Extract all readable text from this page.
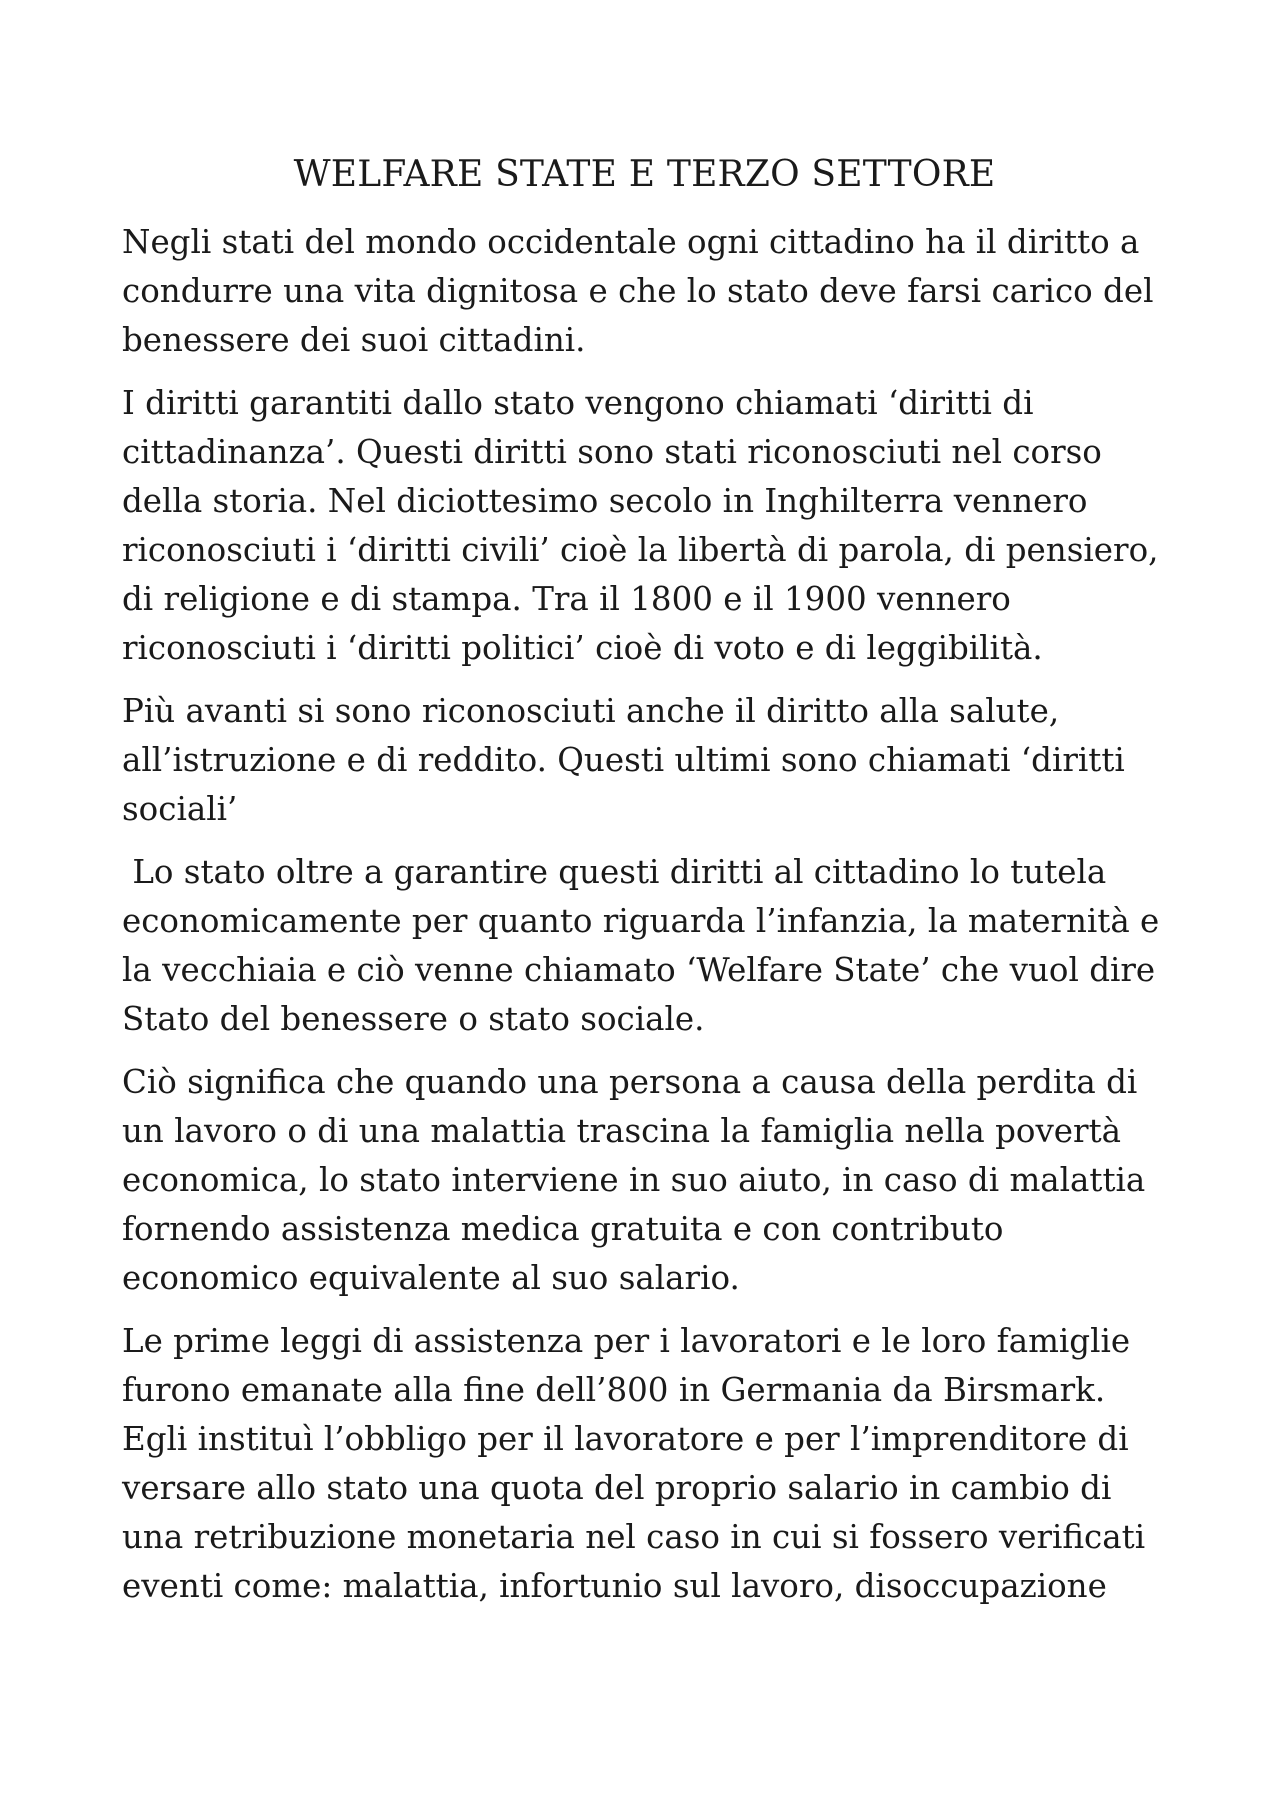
WELFARE STATE E TERZO SETTORE

Negli stati del mondo occidentale ogni cittadino ha il diritto a
condurre una vita dignitosa e che lo stato deve farsi carico del
benessere dei suoi cittadini.

I diritti garantiti dallo stato vengono chiamati ‘diritti di
cittadinanza’. Questi diritti sono stati riconosciuti nel corso
della storia. Nel diciottesimo secolo in Inghilterra vennero
riconosciuti i ‘diritti civili’ cioè la libertà di parola, di pensiero,
di religione e di stampa. Tra il 1800 e il 1900 vennero
riconosciuti i ‘diritti politici’ cioè di voto e di leggibilità.

Più avanti si sono riconosciuti anche il diritto alla salute,
all’istruzione e di reddito. Questi ultimi sono chiamati ‘diritti
sociali’

Lo stato oltre a garantire questi diritti al cittadino lo tutela
economicamente per quanto riguarda l’infanzia, la maternità e
la vecchiaia e ciò venne chiamato ‘Welfare State’ che vuol dire
Stato del benessere o stato sociale.

Ciò significa che quando una persona a causa della perdita di
un lavoro o di una malattia trascina la famiglia nella povertà
economica, lo stato interviene in suo aiuto, in caso di malattia
fornendo assistenza medica gratuita e con contributo
economico equivalente al suo salario.

Le prime leggi di assistenza per i lavoratori e le loro famiglie
furono emanate alla fine dell’800 in Germania da Birsmark.
Egli instituì l’obbligo per il lavoratore e per l’imprenditore di
versare allo stato una quota del proprio salario in cambio di
una retribuzione monetaria nel caso in cui si fossero verificati
eventi come: malattia, infortunio sul lavoro, disoccupazione
